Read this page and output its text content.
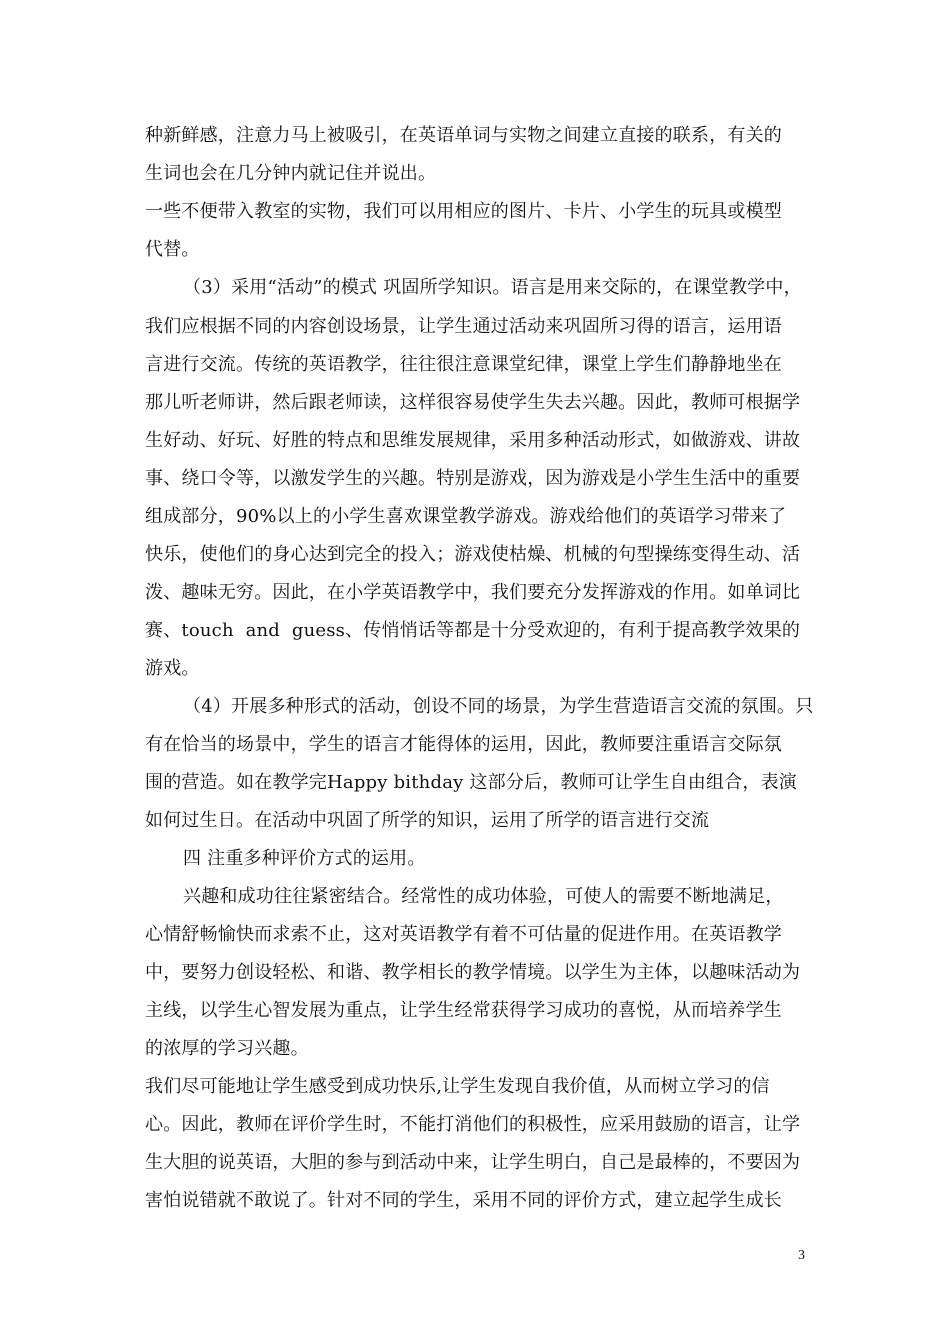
种新鲜感，注意力马上被吸引，在英语单词与实物之间建立直接的联系，有关的
生词也会在几分钟内就记住并说出。
一些不便带入教室的实物，我们可以用相应的图片、卡片、小学生的玩具或模型
代替。
（3）采用“活动”的模式 巩固所学知识。语言是用来交际的，在课堂教学中，
我们应根据不同的内容创设场景，让学生通过活动来巩固所习得的语言，运用语
言进行交流。传统的英语教学，往往很注意课堂纪律，课堂上学生们静静地坐在
那儿听老师讲，然后跟老师读，这样很容易使学生失去兴趣。因此，教师可根据学
生好动、好玩、好胜的特点和思维发展规律，采用多种活动形式，如做游戏、讲故
事、绕口令等，以激发学生的兴趣。特别是游戏，因为游戏是小学生生活中的重要
组成部分，90%以上的小学生喜欢课堂教学游戏。游戏给他们的英语学习带来了
快乐，使他们的身心达到完全的投入；游戏使枯燥、机械的句型操练变得生动、活
泼、趣味无穷。因此，在小学英语教学中，我们要充分发挥游戏的作用。如单词比
赛、touch  and  guess、传悄悄话等都是十分受欢迎的，有利于提高教学效果的
游戏。
（4）开展多种形式的活动，创设不同的场景，为学生营造语言交流的氛围。只
有在恰当的场景中，学生的语言才能得体的运用，因此，教师要注重语言交际氛
围的营造。如在教学完Happy bithday 这部分后，教师可让学生自由组合，表演
如何过生日。在活动中巩固了所学的知识，运用了所学的语言进行交流
四 注重多种评价方式的运用。
兴趣和成功往往紧密结合。经常性的成功体验，可使人的需要不断地满足，
心情舒畅愉快而求索不止，这对英语教学有着不可估量的促进作用。在英语教学
中，要努力创设轻松、和谐、教学相长的教学情境。以学生为主体，以趣味活动为
主线，以学生心智发展为重点，让学生经常获得学习成功的喜悦，从而培养学生
的浓厚的学习兴趣。
我们尽可能地让学生感受到成功快乐,让学生发现自我价值，从而树立学习的信
心。因此，教师在评价学生时，不能打消他们的积极性，应采用鼓励的语言，让学
生大胆的说英语，大胆的参与到活动中来，让学生明白，自己是最棒的，不要因为
害怕说错就不敢说了。针对不同的学生，采用不同的评价方式，建立起学生成长
3
